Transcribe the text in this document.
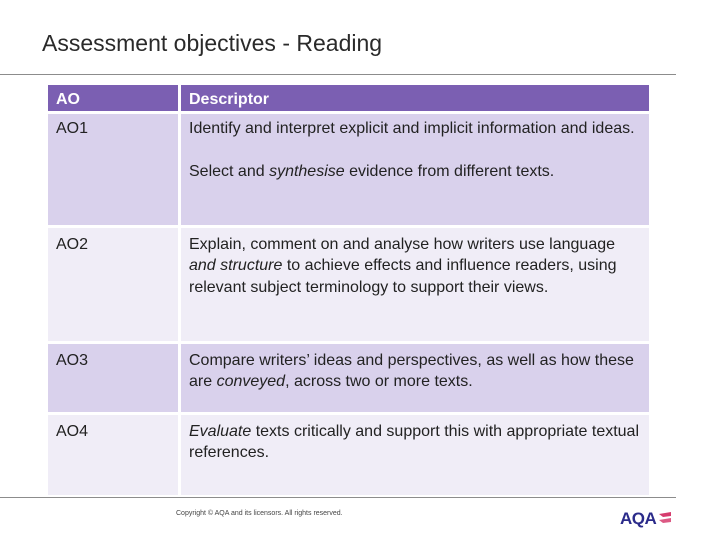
Assessment objectives - Reading
AO	Descriptor
AO1	Identify and interpret explicit and implicit information and ideas.
Select and synthesise evidence from different texts.

AO2	Explain, comment on and analyse how writers use language and structure to achieve effects and influence readers, using relevant subject terminology to support their views.
AO3	Compare writers’ ideas and perspectives, as well as how these are conveyed, across two or more texts.
AO4	Evaluate texts critically and support this with appropriate textual references.
Copyright © AQA and its licensors. All rights reserved.	AQA
